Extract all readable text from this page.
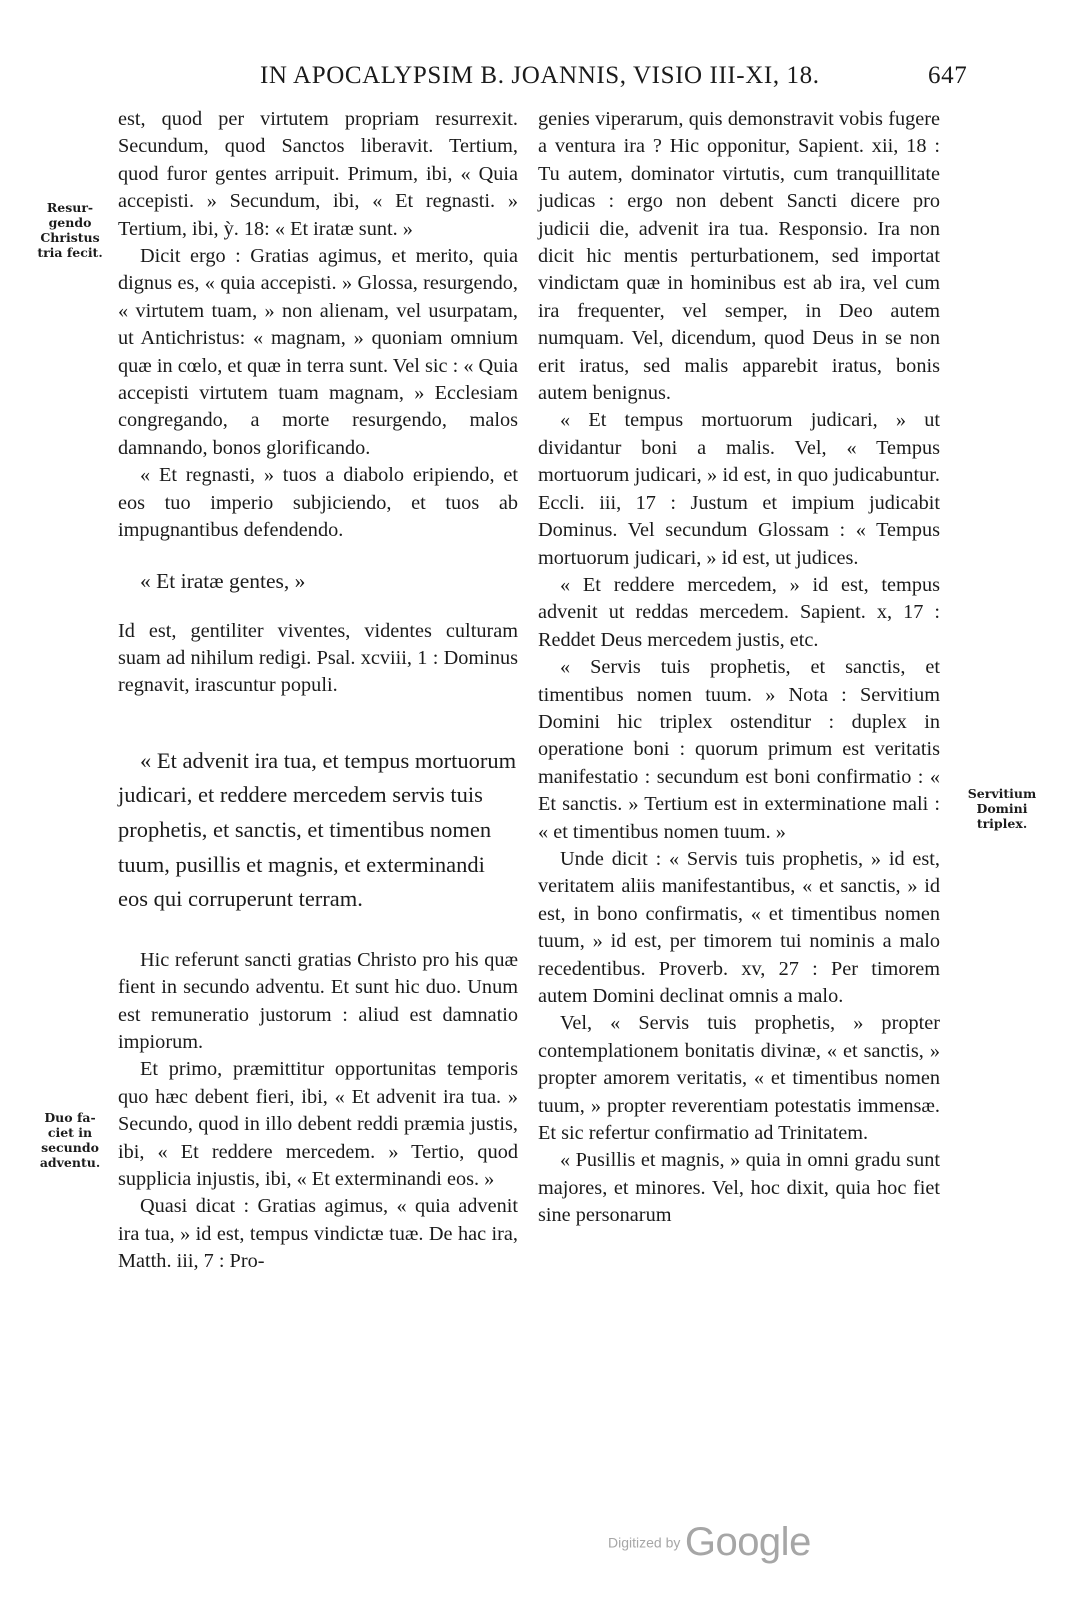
IN APOCALYPSIM B. JOANNIS, VISIO III-XI, 18.	647
Resur-
gendo
Christus
tria fecit.
Duo fa-
ciet in
secundo
adventu.
Servitium
Domini
triplex.

est, quod per virtutem propriam resurrexit. Secundum, quod Sanctos liberavit. Tertium, quod furor gentes arripuit. Primum, ibi, « Quia accepisti. » Secundum, ibi, « Et regnasti. » Tertium, ibi, ỳ. 18: « Et iratæ sunt. »

Dicit ergo : Gratias agimus, et merito, quia dignus es, « quia accepisti. » Glossa, resurgendo, « virtutem tuam, » non alienam, vel usurpatam, ut Antichristus: « magnam, » quoniam omnium quæ in cœlo, et quæ in terra sunt. Vel sic : « Quia accepisti virtutem tuam magnam, » Ecclesiam congregando, a morte resurgendo, malos damnando, bonos glorificando.

« Et regnasti, » tuos a diabolo eripiendo, et eos tuo imperio subjiciendo, et tuos ab impugnantibus defendendo.

« Et iratæ gentes, »

Id est, gentiliter viventes, videntes culturam suam ad nihilum redigi. Psal. xcviii, 1 : Dominus regnavit, irascuntur populi.

« Et advenit ira tua, et tempus mortuorum judicari, et reddere mercedem servis tuis prophetis, et sanctis, et timentibus nomen tuum, pusillis et magnis, et exterminandi eos qui corruperunt terram.

Hic referunt sancti gratias Christo pro his quæ fient in secundo adventu. Et sunt hic duo. Unum est remuneratio justorum : aliud est damnatio impiorum.

Et primo, præmittitur opportunitas temporis quo hæc debent fieri, ibi, « Et advenit ira tua. » Secundo, quod in illo debent reddi præmia justis, ibi, « Et reddere mercedem. » Tertio, quod supplicia injustis, ibi, « Et exterminandi eos. »

Quasi dicat : Gratias agimus, « quia advenit ira tua, » id est, tempus vindictæ tuæ. De hac ira, Matth. iii, 7 : Pro-

genies viperarum, quis demonstravit vobis fugere a ventura ira ? Hic opponitur, Sapient. xii, 18 : Tu autem, dominator virtutis, cum tranquillitate judicas : ergo non debent Sancti dicere pro judicii die, advenit ira tua. Responsio. Ira non dicit hic mentis perturbationem, sed importat vindictam quæ in hominibus est ab ira, vel cum ira frequenter, vel semper, in Deo autem numquam. Vel, dicendum, quod Deus in se non erit iratus, sed malis apparebit iratus, bonis autem benignus.

« Et tempus mortuorum judicari, » ut dividantur boni a malis. Vel, « Tempus mortuorum judicari, » id est, in quo judicabuntur. Eccli. iii, 17 : Justum et impium judicabit Dominus. Vel secundum Glossam : « Tempus mortuorum judicari, » id est, ut judices.

« Et reddere mercedem, » id est, tempus advenit ut reddas mercedem. Sapient. x, 17 : Reddet Deus mercedem justis, etc.

« Servis tuis prophetis, et sanctis, et timentibus nomen tuum. » Nota : Servitium Domini hic triplex ostenditur : duplex in operatione boni : quorum primum est veritatis manifestatio : secundum est boni confirmatio : « Et sanctis. » Tertium est in exterminatione mali : « et timentibus nomen tuum. »

Unde dicit : « Servis tuis prophetis, » id est, veritatem aliis manifestantibus, « et sanctis, » id est, in bono confirmatis, « et timentibus nomen tuum, » id est, per timorem tui nominis a malo recedentibus. Proverb. xv, 27 : Per timorem autem Domini declinat omnis a malo.

Vel, « Servis tuis prophetis, » propter contemplationem bonitatis divinæ, « et sanctis, » propter amorem veritatis, « et timentibus nomen tuum, » propter reverentiam potestatis immensæ. Et sic refertur confirmatio ad Trinitatem.

« Pusillis et magnis, » quia in omni gradu sunt majores, et minores. Vel, hoc dixit, quia hoc fiet sine personarum

Digitized by Google
